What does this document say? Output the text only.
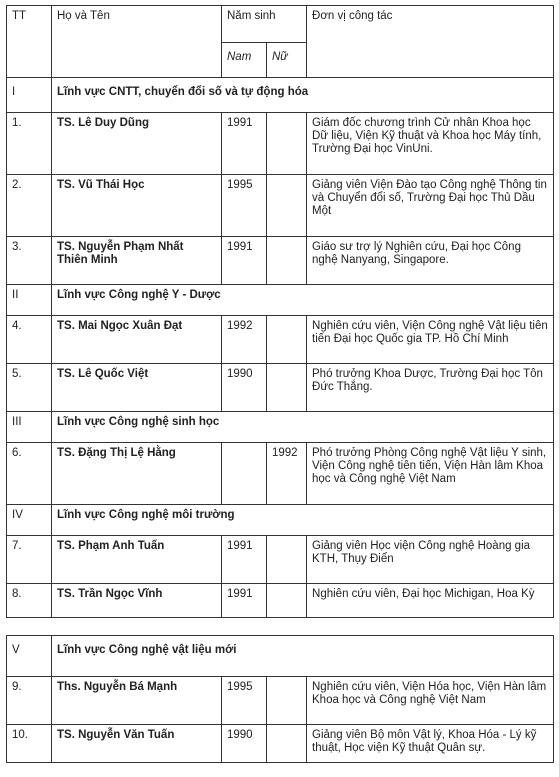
TT	Họ và Tên	Năm sinh		Đơn vị công tác
		Nam	Nữ	
I	Lĩnh vực CNTT, chuyển đổi số và tự động hóa			
1.	TS. Lê Duy Dũng	1991		Giám đốc chương trình Cử nhân Khoa học Dữ liệu, Viện Kỹ thuật và Khoa học Máy tính, Trường Đại học VinUni.
2.	TS. Vũ Thái Học	1995		Giảng viên Viện Đào tạo Công nghệ Thông tin và Chuyển đổi số, Trường Đại học Thủ Dầu Một
3.	TS. Nguyễn Phạm Nhất Thiên Minh	1991		Giáo sư trợ lý Nghiên cứu, Đại học Công nghệ Nanyang, Singapore.
II	Lĩnh vực Công nghệ Y - Dược			
4.	TS. Mai Ngọc Xuân Đạt	1992		Nghiên cứu viên, Viện Công nghệ Vật liệu tiên tiến Đại học Quốc gia TP. Hồ Chí Minh
5.	TS. Lê Quốc Việt	1990		Phó trưởng Khoa Dược, Trường Đại học Tôn Đức Thắng.
III	Lĩnh vực Công nghệ sinh học			
6.	TS. Đặng Thị Lệ Hằng		1992	Phó trưởng Phòng Công nghệ Vật liệu Y sinh, Viện Công nghệ tiên tiến, Viện Hàn lâm Khoa học và Công nghệ Việt Nam
IV	Lĩnh vực Công nghệ môi trường			
7.	TS. Phạm Anh Tuấn	1991		Giảng viên Học viện Công nghệ Hoàng gia KTH, Thụy Điển
8.	TS. Trần Ngọc Vĩnh	1991		Nghiên cứu viên, Đại học Michigan, Hoa Kỳ
V	Lĩnh vực Công nghệ vật liệu mới			
9.	Ths. Nguyễn Bá Mạnh	1995		Nghiên cứu viên, Viện Hóa học, Viện Hàn lâm Khoa học và Công nghệ Việt Nam
10.	TS. Nguyễn Văn Tuấn	1990		Giảng viên Bộ môn Vật lý, Khoa Hóa - Lý kỹ thuật, Học viện Kỹ thuật Quân sự.
